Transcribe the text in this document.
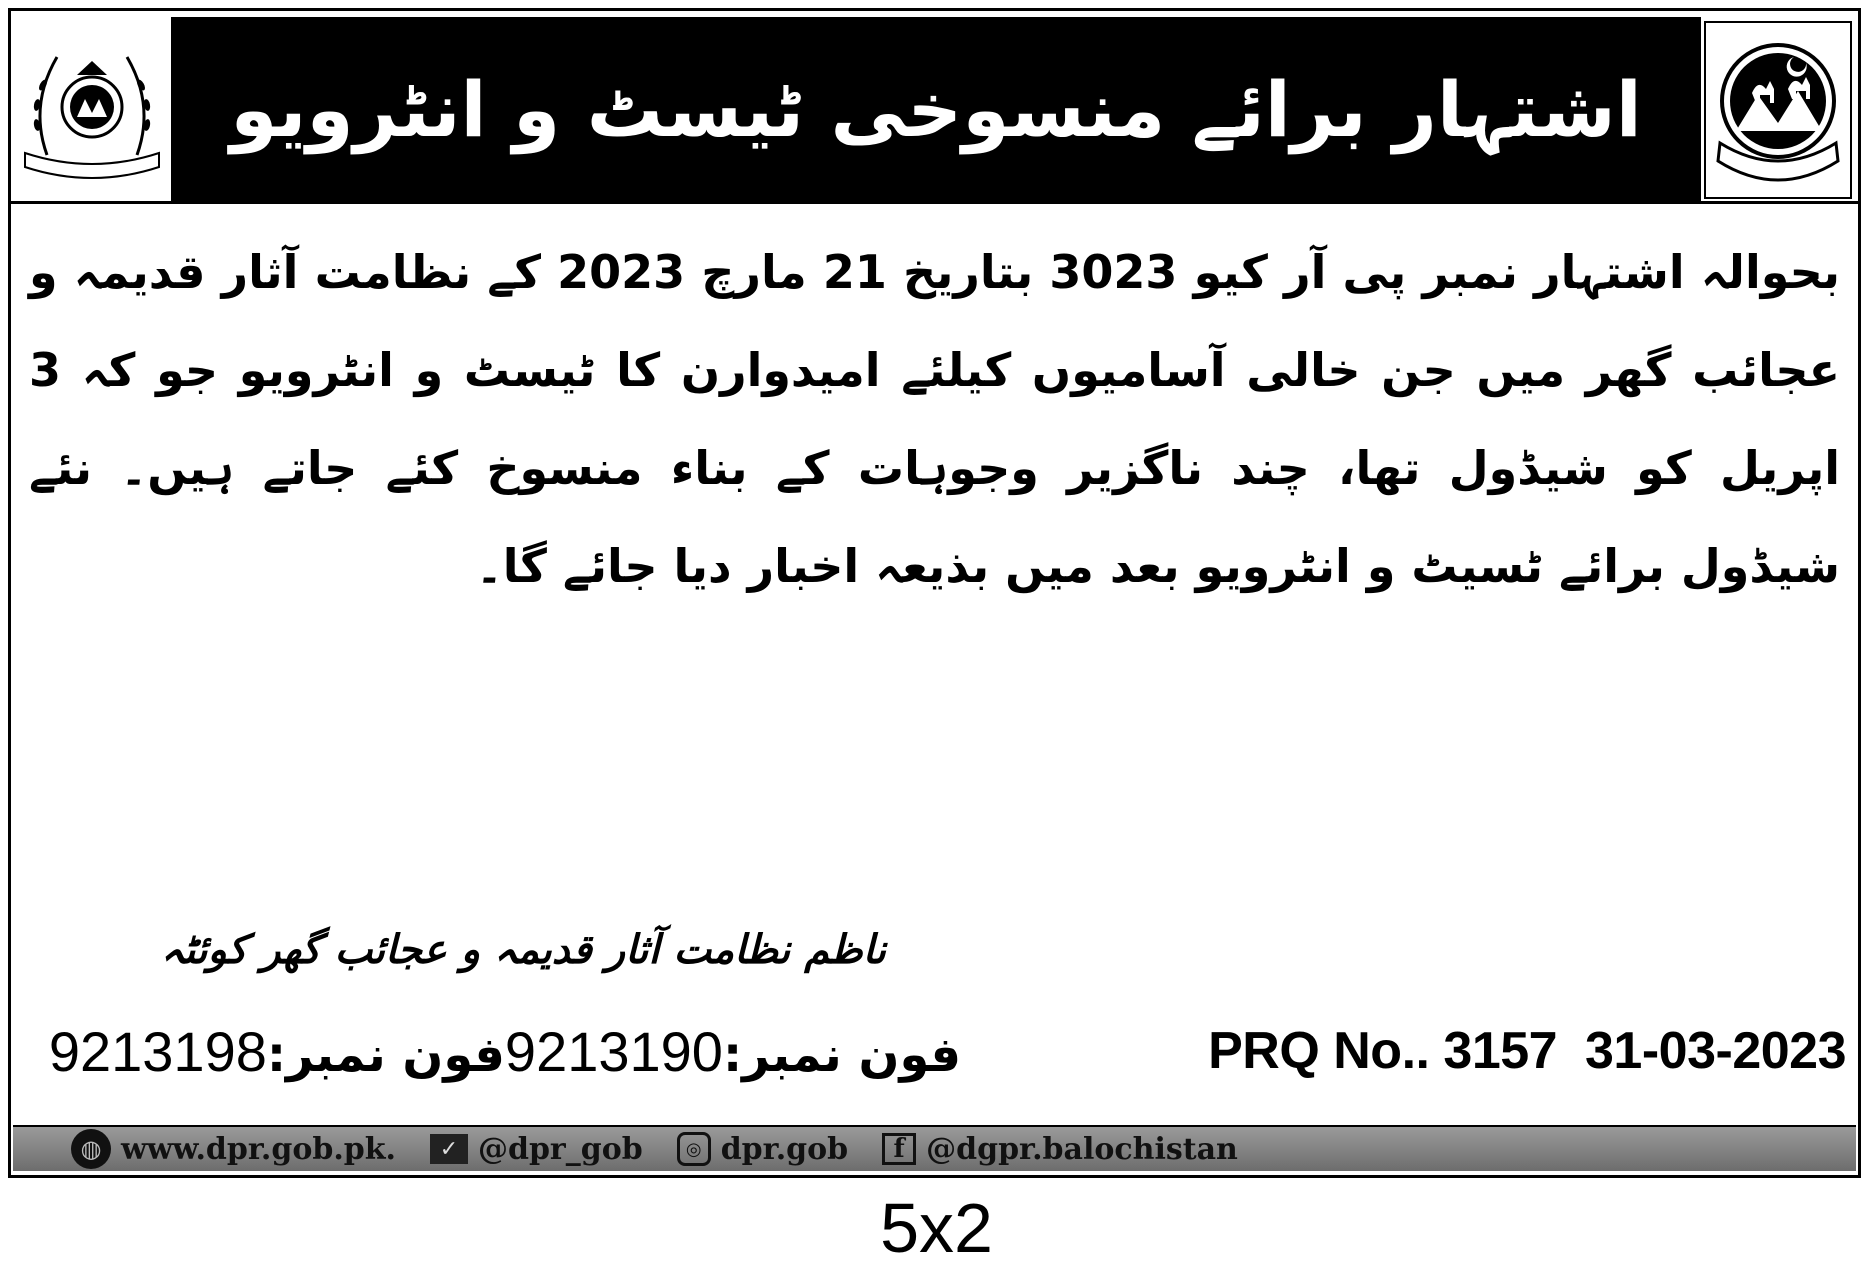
اشتہار برائے منسوخی ٹیسٹ و انٹرویو
بحوالہ اشتہار نمبر پی آر کیو 3023 بتاریخ 21 مارچ 2023 کے نظامت آثار قدیمہ و عجائب گھر میں جن خالی آسامیوں کیلئے امیدوارن کا ٹیسٹ و انٹرویو جو کہ 3 اپریل کو شیڈول تھا، چند ناگزیر وجوہات کے بناء منسوخ کئے جاتے ہیں۔ نئے شیڈول برائے ٹسیٹ و انٹرویو بعد میں بذیعہ اخبار دیا جائے گا۔
ناظم نظامت آثار قدیمہ و عجائب گھر کوئٹہ
فون نمبر:9213190فون نمبر:9213198	PRQ No.. 3157 31-03-2023
◍ www.dpr.gob.pk.	✓ @dpr_gob	◎ dpr.gob	f @dgpr.balochistan
5x2
